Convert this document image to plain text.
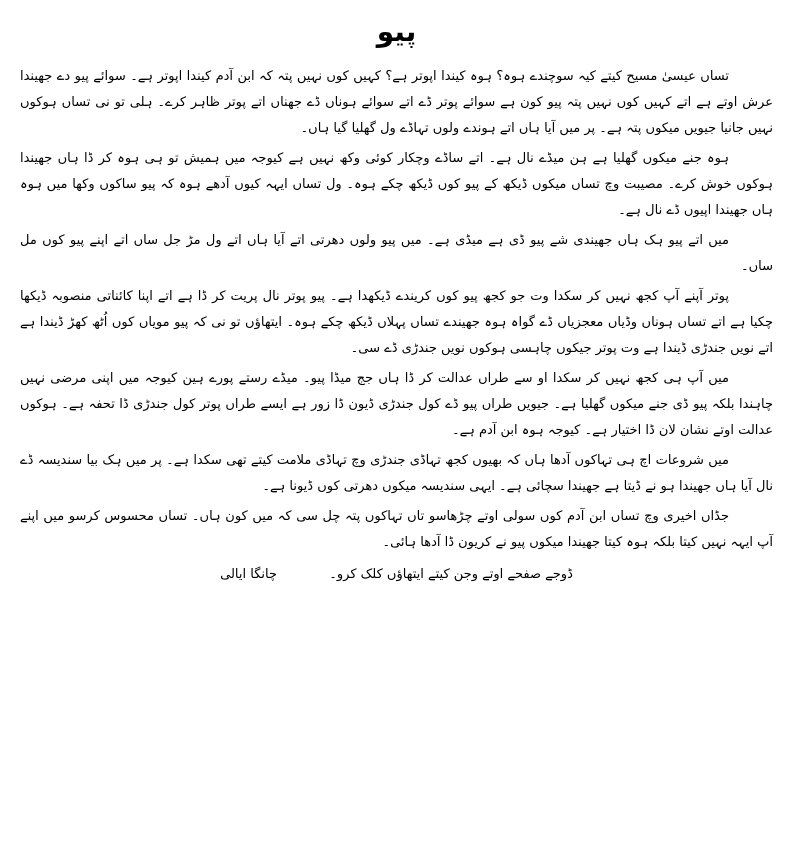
پیو

تساں عیسیٰ مسیح کیتے کیہ سوچندے ہوہ؟ ہوہ کیندا اپوتر ہے؟ کہیں کوں نہیں پتہ کہ ابن آدم کیندا اپوتر ہے۔ سوائے پیو دے جھیندا عرش اوتے ہے اتے کہیں کوں نہیں پتہ پیو کون ہے سوائے پوتر ڈے اتے سوائے ہوناں ڈے جھناں اتے پوتر ظاہر کرے۔ ہلی تو نی تساں ہوکوں نہیں جانیا جیویں میکوں پتہ ہے۔ پر میں آیا ہاں اتے ہوندے ولوں تہاڈے ول گھلیا گیا ہاں۔

ہوہ جنے میکوں گھلیا ہے ہن میڈے نال ہے۔ اتے ساڈے وچکار کوئی وکھ نہیں ہے کیوجہ میں ہمیش تو ہی ہوہ کر ڈا ہاں جھیندا ہوکوں خوش کرے۔ مصیبت وچ تساں میکوں ڈیکھ کے پیو کوں ڈیکھ چکے ہوہ۔ ول تساں ایہہ کیوں آدھے ہوہ کہ پیو ساکوں وکھا میں ہوہ ہاں جھیندا اپیوں ڈے نال ہے۔

میں اتے پیو ہک ہاں جھیندی شے پیو ڈی ہے میڈی ہے۔ میں پیو ولوں دھرتی اتے آیا ہاں اتے ول مڑ جل ساں اتے اپنے پیو کوں مل ساں۔

پوتر آپنے آپ کجھ نہیں کر سکدا وت جو کجھ پیو کوں کریندے ڈیکھدا ہے۔ پیو پوتر نال پریت کر ڈا ہے اتے اپنا کائناتی منصوبہ ڈیکھا چکیا ہے اتے تساں ہوناں وڈیاں معجزیاں ڈے گواہ ہوہ جھیندے تساں پہلاں ڈیکھ چکے ہوہ۔ ایتھاؤں تو نی کہ پیو مویاں کوں اُٹھ کھڑ ڈیندا ہے اتے نویں جندڑی ڈیندا ہے وت پوتر جیکوں چاہسی ہوکوں نویں جندڑی ڈے سی۔

میں آپ ہی کجھ نہیں کر سکدا او سے طراں عدالت کر ڈا ہاں جج میڈا پیو۔ میڈے رستے پورے ہین کیوجہ میں اپنی مرضی نہیں چاہندا بلکہ پیو ڈی جنے میکوں گھلیا ہے۔ جیویں طراں پیو ڈے کول جندڑی ڈیون ڈا زور ہے ایسے طراں پوتر کول جندڑی ڈا تحفہ ہے۔ ہوکوں عدالت اوتے نشان لان ڈا اختیار ہے۔ کیوجہ ہوہ ابن آدم ہے۔

میں شروعات اچ ہی تہاکوں آدھا ہاں کہ بھیوں کجھ تہاڈی جندڑی وچ تہاڈی ملامت کیتے تھی سکدا ہے۔ پر میں ہک بیا سندیسہ ڈے نال آیا ہاں جھیندا ہو نے ڈیتا ہے جھیندا سچائی ہے۔ ایہی سندیسہ میکوں دھرتی کوں ڈیونا ہے۔

جڈاں اخیری وچ تساں ابن آدم کوں سولی اوتے چڑھاسو تاں تہاکوں پتہ چل سی کہ میں کون ہاں۔ تساں محسوس کرسو میں اپنے آپ ایہہ نہیں کیتا بلکہ ہوہ کیتا جھیندا میکوں پیو نے کریون ڈا آدھا ہائی۔

ڈوجے صفحے اوتے وجن کیتے ایتھاؤں کلک کرو۔  چانگا ایالی
